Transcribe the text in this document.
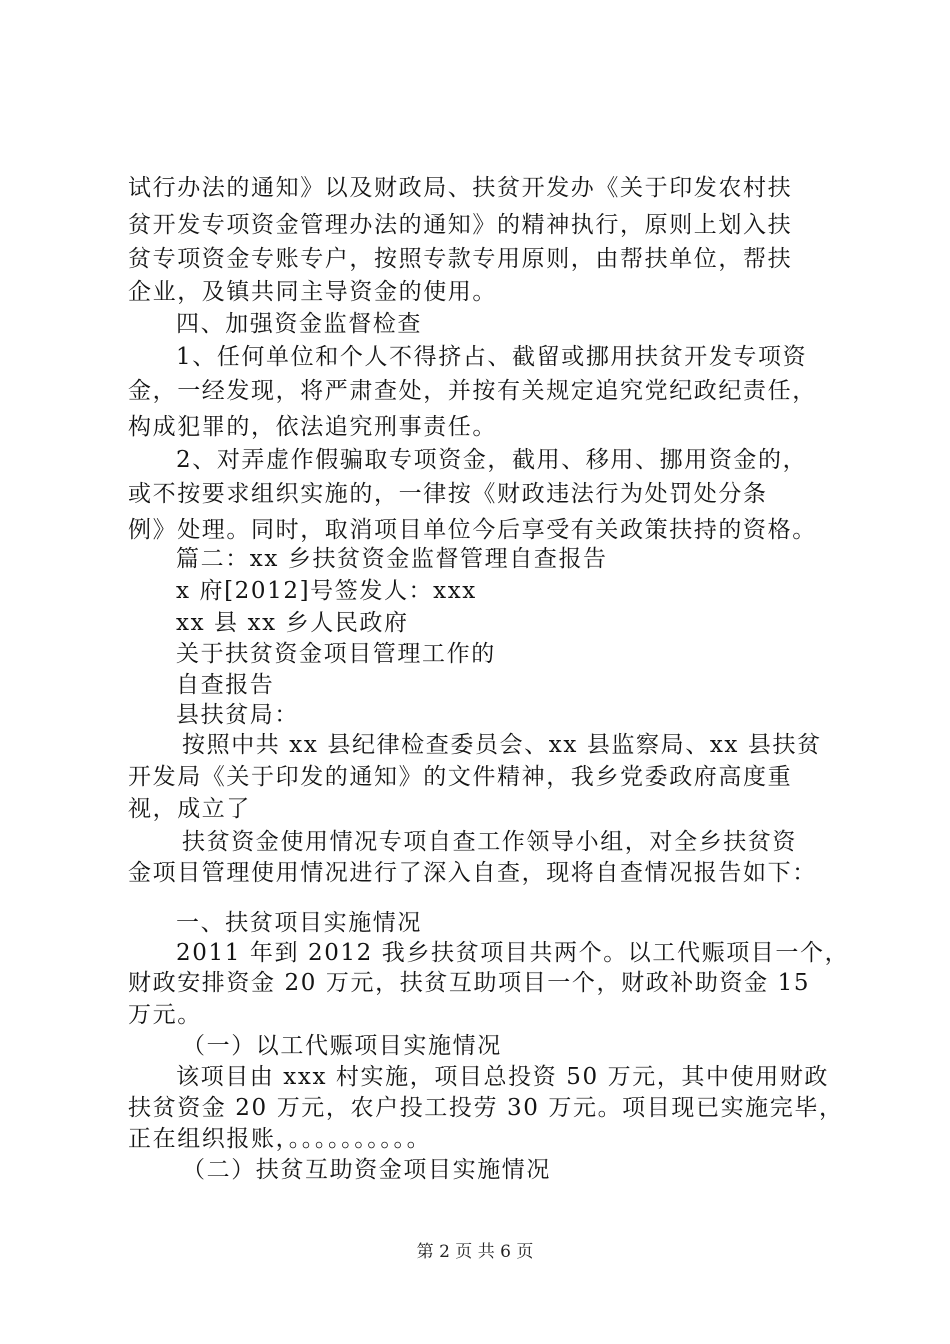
试行办法的通知》以及财政局、扶贫开发办《关于印发农村扶
贫开发专项资金管理办法的通知》的精神执行，原则上划入扶
贫专项资金专账专户，按照专款专用原则，由帮扶单位，帮扶
企业，及镇共同主导资金的使用。
四、加强资金监督检查
1、任何单位和个人不得挤占、截留或挪用扶贫开发专项资
金，一经发现，将严肃查处，并按有关规定追究党纪政纪责任，
构成犯罪的，依法追究刑事责任。
2、对弄虚作假骗取专项资金，截用、移用、挪用资金的，
或不按要求组织实施的，一律按《财政违法行为处罚处分条
例》处理。同时，取消项目单位今后享受有关政策扶持的资格。
篇二：xx 乡扶贫资金监督管理自查报告
x 府[2012]号签发人：xxx
xx 县 xx 乡人民政府
关于扶贫资金项目管理工作的
自查报告
县扶贫局：
按照中共 xx 县纪律检查委员会、xx 县监察局、xx 县扶贫
开发局《关于印发的通知》的文件精神，我乡党委政府高度重
视，成立了
扶贫资金使用情况专项自查工作领导小组，对全乡扶贫资
金项目管理使用情况进行了深入自查，现将自查情况报告如下：
一、扶贫项目实施情况
2011 年到 2012 我乡扶贫项目共两个。以工代赈项目一个，
财政安排资金 20 万元，扶贫互助项目一个，财政补助资金 15
万元。
（一）以工代赈项目实施情况
该项目由 xxx 村实施，项目总投资 50 万元，其中使用财政
扶贫资金 20 万元，农户投工投劳 30 万元。项目现已实施完毕，
正在组织报账，。。。。。。。。。。
（二）扶贫互助资金项目实施情况
第 2 页 共 6 页
